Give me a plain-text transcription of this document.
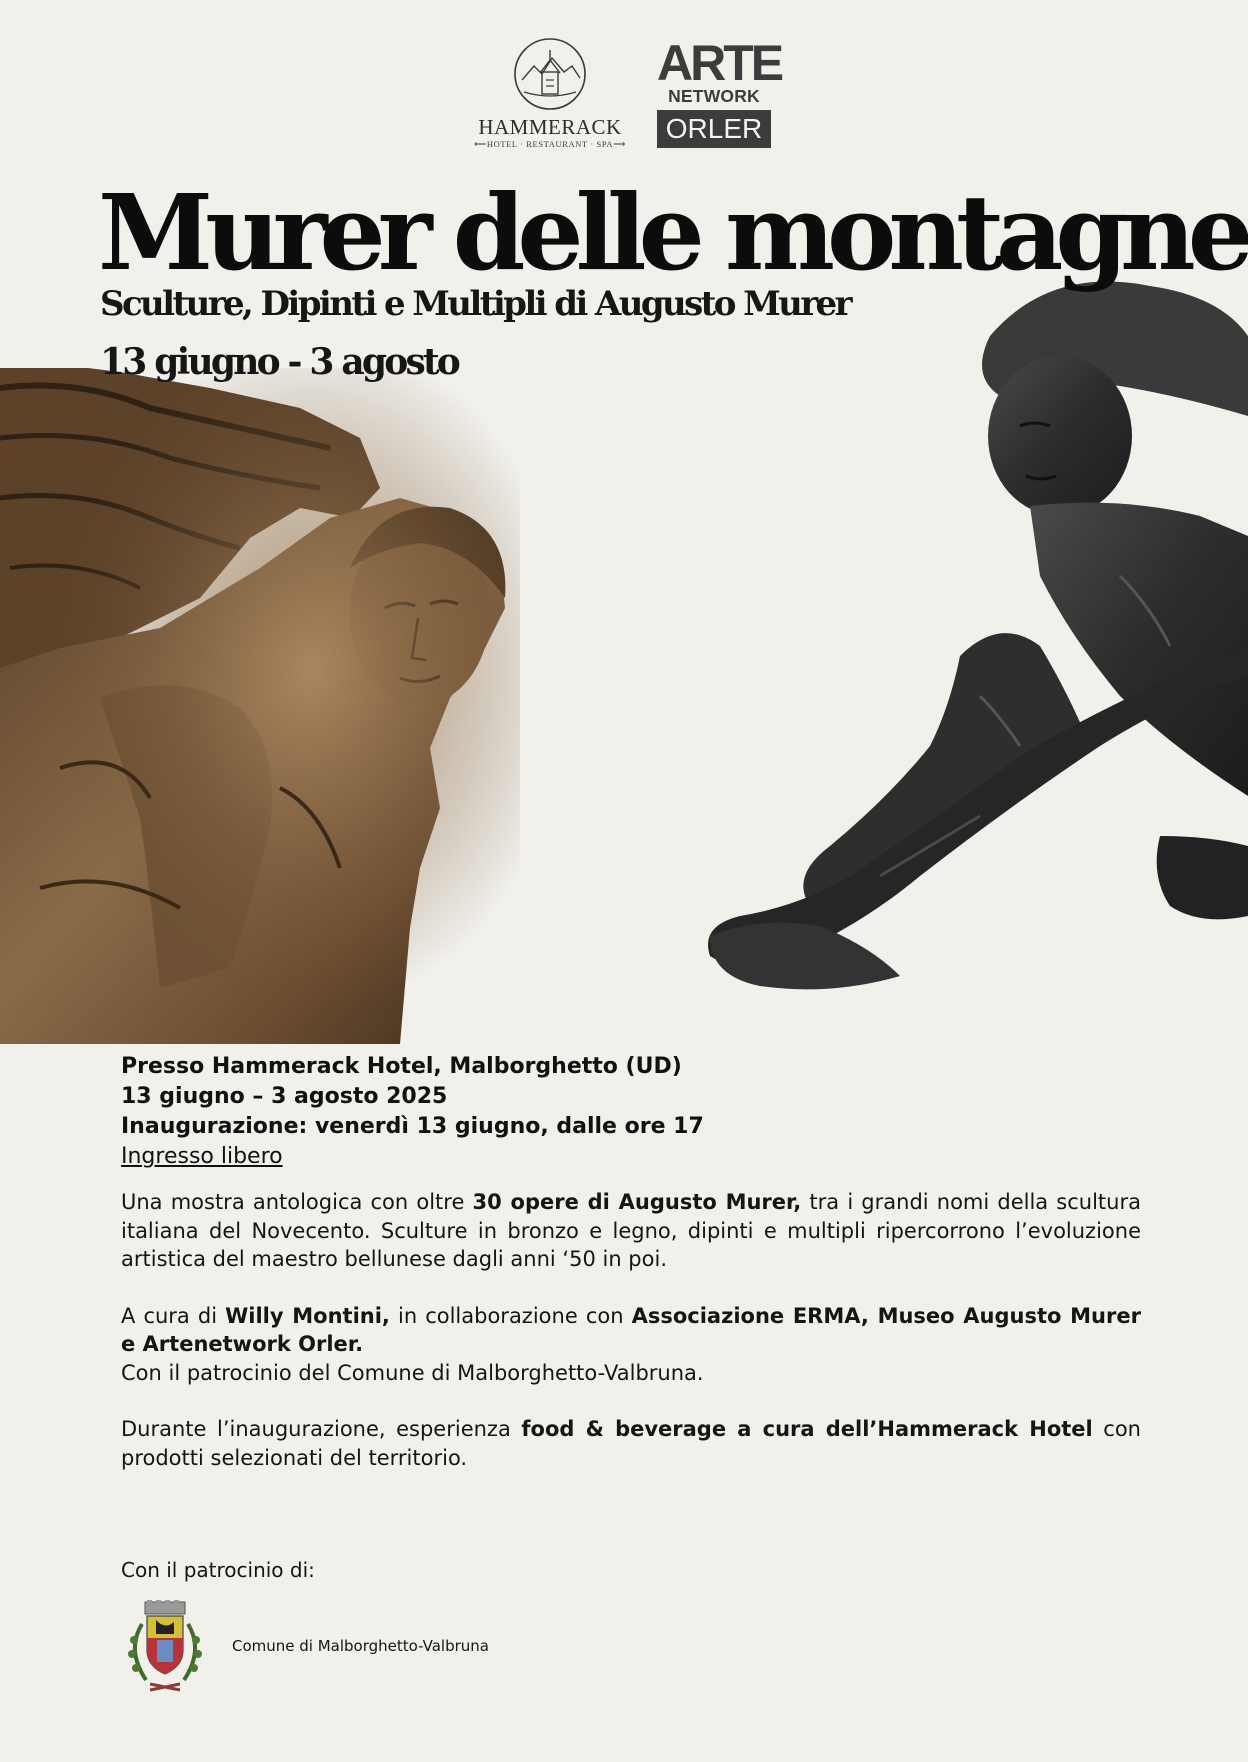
HAMMERACK
⟵HOTEL · RESTAURANT · SPA⟶
ARTE
NETWORK
ORLER
Murer delle montagne
Sculture, Dipinti e Multipli di Augusto Murer
13 giugno - 3 agosto
Presso Hammerack Hotel, Malborghetto (UD)
13 giugno – 3 agosto 2025
Inaugurazione: venerdì 13 giugno, dalle ore 17
Ingresso libero

Una mostra antologica con oltre 30 opere di Augusto Murer, tra i grandi nomi della scultura italiana del Novecento. Sculture in bronzo e legno, dipinti e multipli ripercorrono l’evoluzione artistica del maestro bellunese dagli anni ‘50 in poi.

A cura di Willy Montini, in collaborazione con Associazione ERMA, Museo Augusto Murer e Artenetwork Orler.
Con il patrocinio del Comune di Malborghetto-Valbruna.

Durante l’inaugurazione, esperienza food & beverage a cura dell’Hammerack Hotel con prodotti selezionati del territorio.

Con il patrocinio di:
Comune di Malborghetto-Valbruna
